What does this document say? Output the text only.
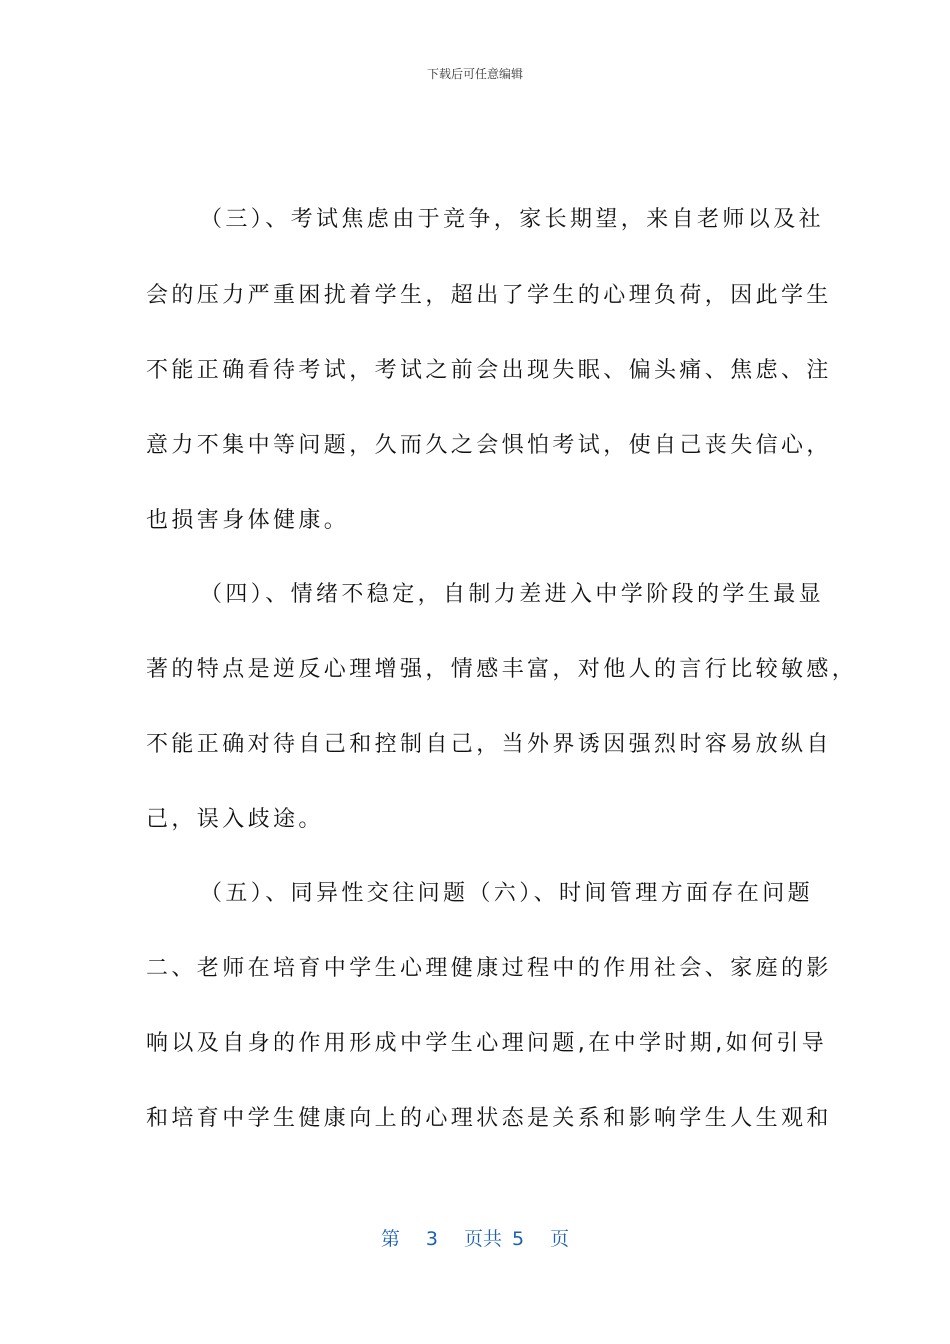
下载后可任意编辑
（三）、考试焦虑由于竞争，家长期望，来自老师以及社
会的压力严重困扰着学生，超出了学生的心理负荷，因此学生
不能正确看待考试，考试之前会出现失眠、偏头痛、焦虑、注
意力不集中等问题，久而久之会惧怕考试，使自己丧失信心，
也损害身体健康。
（四）、情绪不稳定，自制力差进入中学阶段的学生最显
著的特点是逆反心理增强，情感丰富，对他人的言行比较敏感，
不能正确对待自己和控制自己，当外界诱因强烈时容易放纵自
己，误入歧途。
（五）、同异性交往问题（六）、时间管理方面存在问题
二、老师在培育中学生心理健康过程中的作用社会、家庭的影
响以及自身的作用形成中学生心理问题,在中学时期,如何引导
和培育中学生健康向上的心理状态是关系和影响学生人生观和
第 3 页共 5 页
